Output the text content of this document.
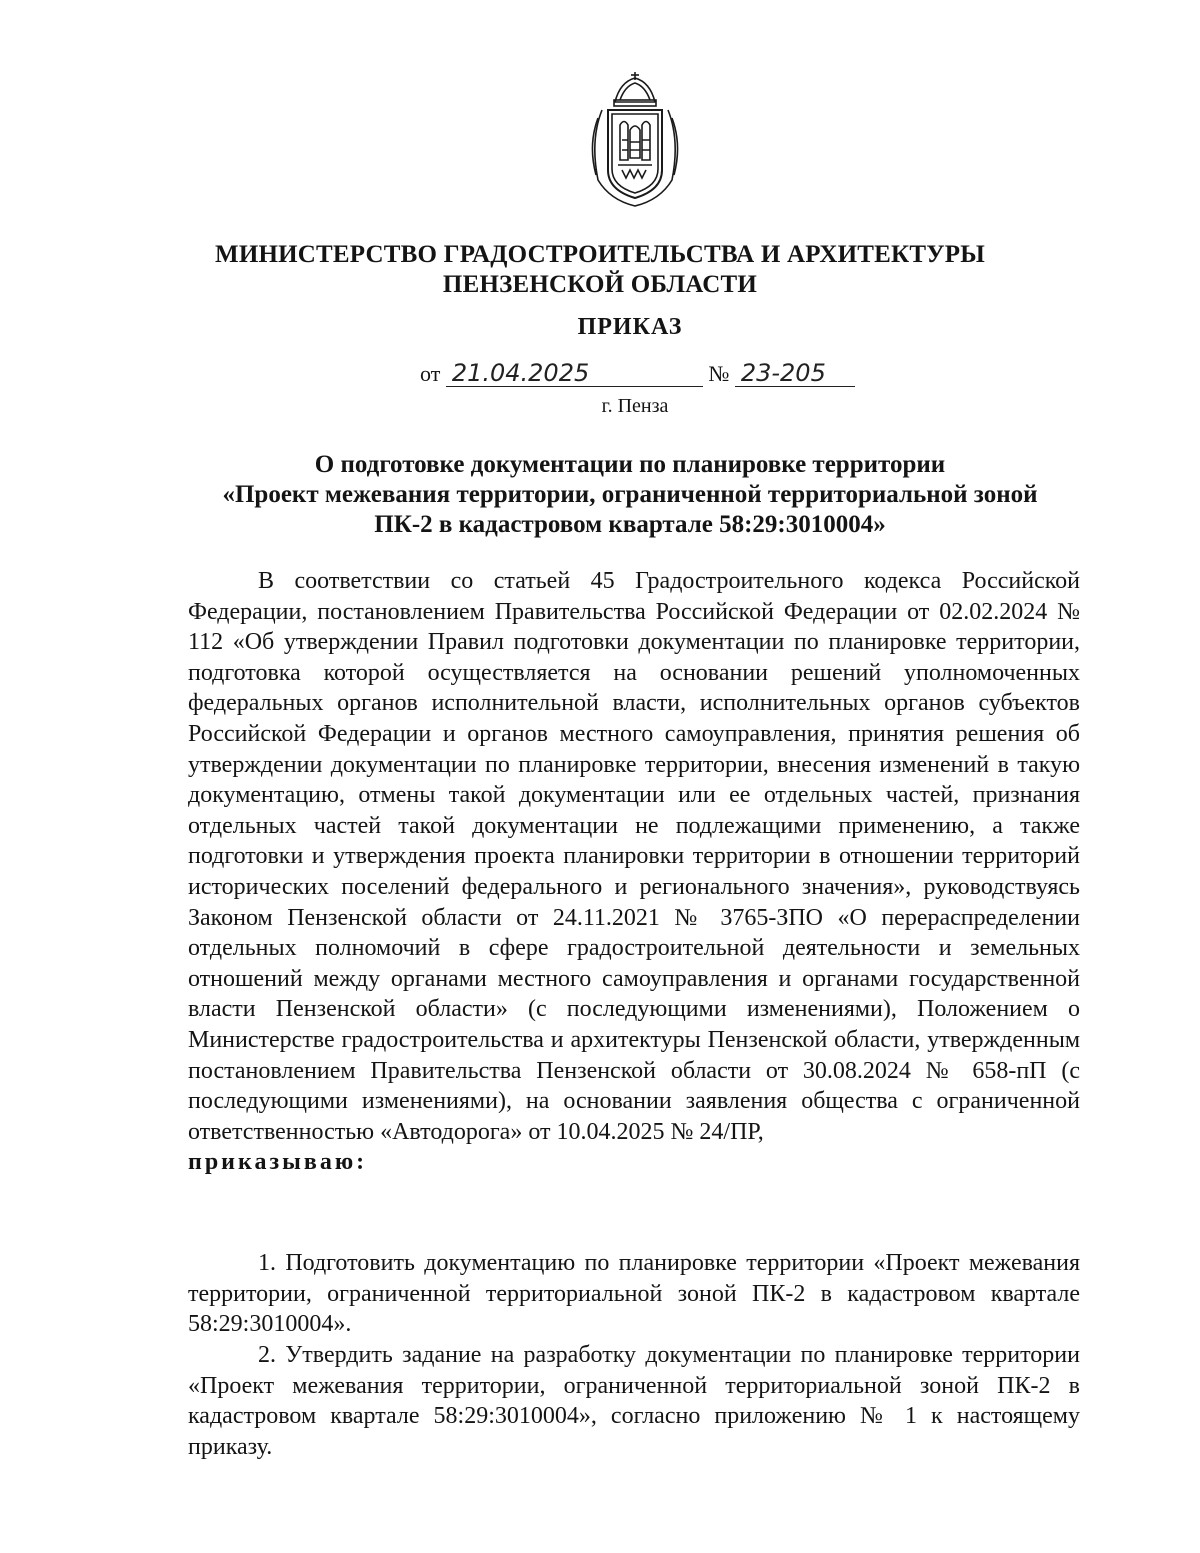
МИНИСТЕРСТВО ГРАДОСТРОИТЕЛЬСТВА И АРХИТЕКТУРЫ
ПЕНЗЕНСКОЙ ОБЛАСТИ
ПРИКАЗ
от 21.04.2025	№ 23-205
г. Пенза
О подготовке документации по планировке территории
«Проект межевания территории, ограниченной территориальной зоной
ПК-2 в кадастровом квартале 58:29:3010004»

В соответствии со статьей 45 Градостроительного кодекса Российской Федерации, постановлением Правительства Российской Федерации от 02.02.2024 № 112 «Об утверждении Правил подготовки документации по планировке территории, подготовка которой осуществляется на основании решений уполномоченных федеральных органов исполнительной власти, исполнительных органов субъектов Российской Федерации и органов местного самоуправления, принятия решения об утверждении документации по планировке территории, внесения изменений в такую документацию, отмены такой документации или ее отдельных частей, признания отдельных частей такой документации не подлежащими применению, а также подготовки и утверждения проекта планировки территории в отношении территорий исторических поселений федерального и регионального значения», руководствуясь Законом Пензенской области от 24.11.2021 № 3765-ЗПО «О перераспределении отдельных полномочий в сфере градостроительной деятельности и земельных отношений между органами местного самоуправления и органами государственной власти Пензенской области» (с последующими изменениями), Положением о Министерстве градостроительства и архитектуры Пензенской области, утвержденным постановлением Правительства Пензенской области от 30.08.2024 № 658-пП (с последующими изменениями), на основании заявления общества с ограниченной ответственностью «Автодорога» от 10.04.2025 № 24/ПР,
приказываю:

1. Подготовить документацию по планировке территории «Проект межевания территории, ограниченной территориальной зоной ПК-2 в кадастровом квартале 58:29:3010004».

2. Утвердить задание на разработку документации по планировке территории «Проект межевания территории, ограниченной территориальной зоной ПК-2 в кадастровом квартале 58:29:3010004», согласно приложению № 1 к настоящему приказу.
